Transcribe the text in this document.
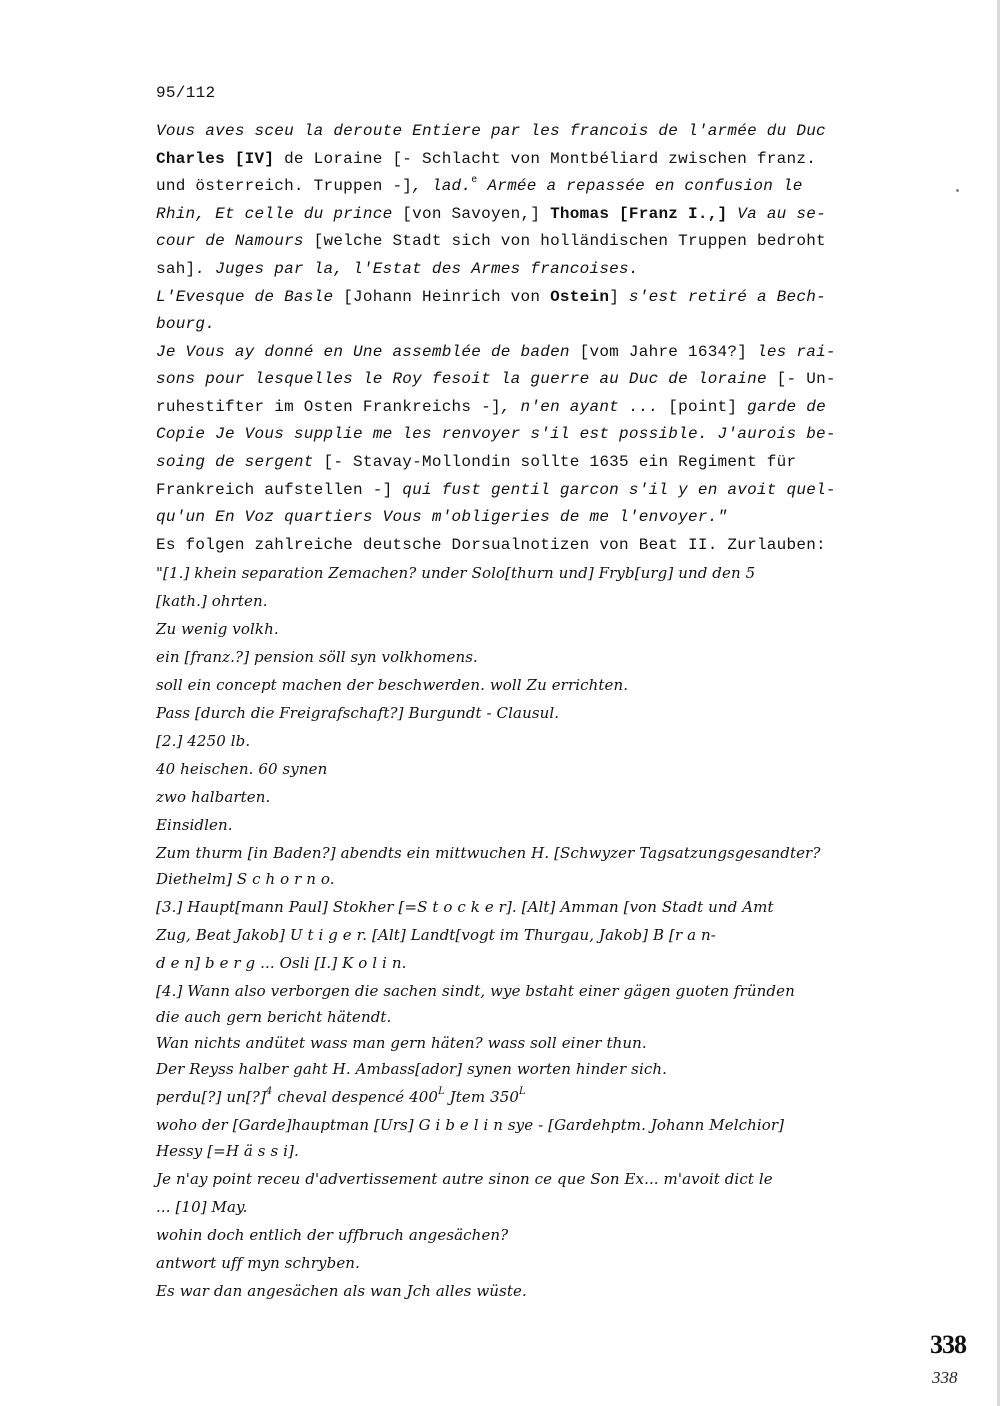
95/112
Vous aves sceu la deroute Entiere par les francois de l'armée du Duc
Charles [IV] de Loraine [- Schlacht von Montbéliard zwischen franz.
und österreich. Truppen -], lad.$^e$ Armée a repassée en confusion le
Rhin, Et celle du prince [von Savoyen,] Thomas [Franz I.,] Va au se-
cour de Namours [welche Stadt sich von holländischen Truppen bedroht
sah]. Juges par la, l'Estat des Armes francoises.
L'Evesque de Basle [Johann Heinrich von Ostein] s'est retiré a Bech-
bourg.
Je Vous ay donné en Une assemblée de baden [vom Jahre 1634?] les rai-
sons pour lesquelles le Roy fesoit la guerre au Duc de loraine [- Un-
ruhestifter im Osten Frankreichs -], n'en ayant ... [point] garde de
Copie Je Vous supplie me les renvoyer s'il est possible. J'aurois be-
soing de sergent [- Stavay-Mollondin sollte 1635 ein Regiment für
Frankreich aufstellen -] qui fust gentil garcon s'il y en avoit quel-
qu'un En Voz quartiers Vous m'obligeries de me l'envoyer."
Es folgen zahlreiche deutsche Dorsualnotizen von Beat II. Zurlauben:
"[1.] khein separation Zemachen? under Solo[thurn und] Fryb[urg] und den 5
[kath.] ohrten.
Zu wenig volkh.
ein [franz.?] pension söll syn volkhomens.
soll ein concept machen der beschwerden. woll Zu errichten.
Pass [durch die Freigrafschaft?] Burgundt - Clausul.
[2.] 4250 lb.
40 heischen. 60 synen
zwo halbarten.
Einsidlen.
Zum thurm [in Baden?] abendts ein mittwuchen H. [Schwyzer Tagsatzungsgesandter?
Diethelm] S c h o r n o.
[3.] Haupt[mann Paul] Stokher [=S t o c k e r]. [Alt] Amman [von Stadt und Amt
Zug, Beat Jakob] U t i g e r. [Alt] Landt[vogt im Thurgau, Jakob] B [r a n-
d e n] b e r g ... Osli [I.] K o l i n.
[4.] Wann also verborgen die sachen sindt, wye bstaht einer gägen guoten fründen
die auch gern bericht hätendt.
Wan nichts andütet wass man gern häten? wass soll einer thun.
Der Reyss halber gaht H. Ambass[ador] synen worten hinder sich.
perdu[?] un[?]$^4$ cheval despencé $400^L$ Jtem $350^L$
woho der [Garde]hauptman [Urs] G i b e l i n sye - [Gardehptm. Johann Melchior]
Hessy [=H ä s s i].
Je n'ay point receu d'advertissement autre sinon ce que Son Ex... m'avoit dict le
... [10] May.
wohin doch entlich der uffbruch angesächen?
antwort uff myn schryben.
Es war dan angesächen als wan Jch alles wüste.
338
338
